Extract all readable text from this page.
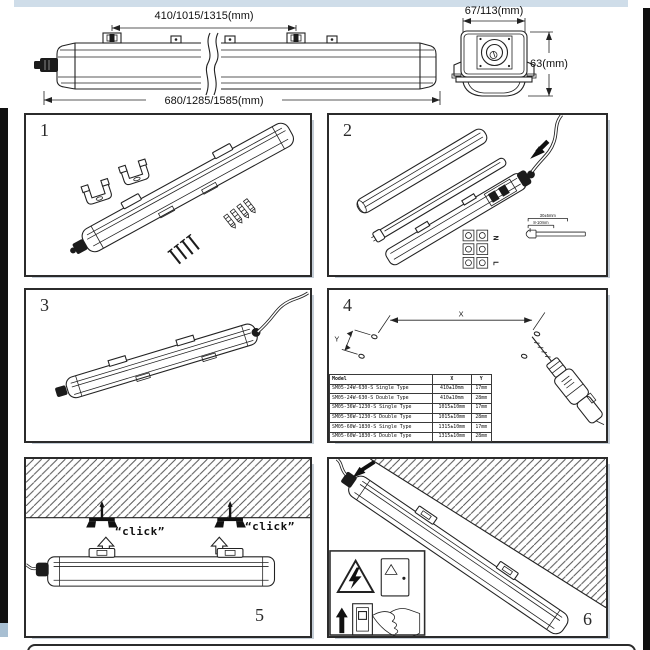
410/1015/1315(mm)
680/1285/1585(mm)
67/113(mm)
63(mm)
1	2
N
L
30±5mm
8-10mm
3	4	X
Y
Model	X	Y
SM05-24W-630-S Single Type	410±10mm	17mm
SM05-24W-630-S Double Type	410±10mm	28mm
SM05-36W-1230-S Single Type	1015±10mm	17mm
SM05-36W-1230-S Double Type	1015±10mm	28mm
SM05-60W-1830-S Single Type	1315±10mm	17mm
SM05-60W-1830-S Double Type	1315±10mm	28mm
“click”	“click”
5	6
